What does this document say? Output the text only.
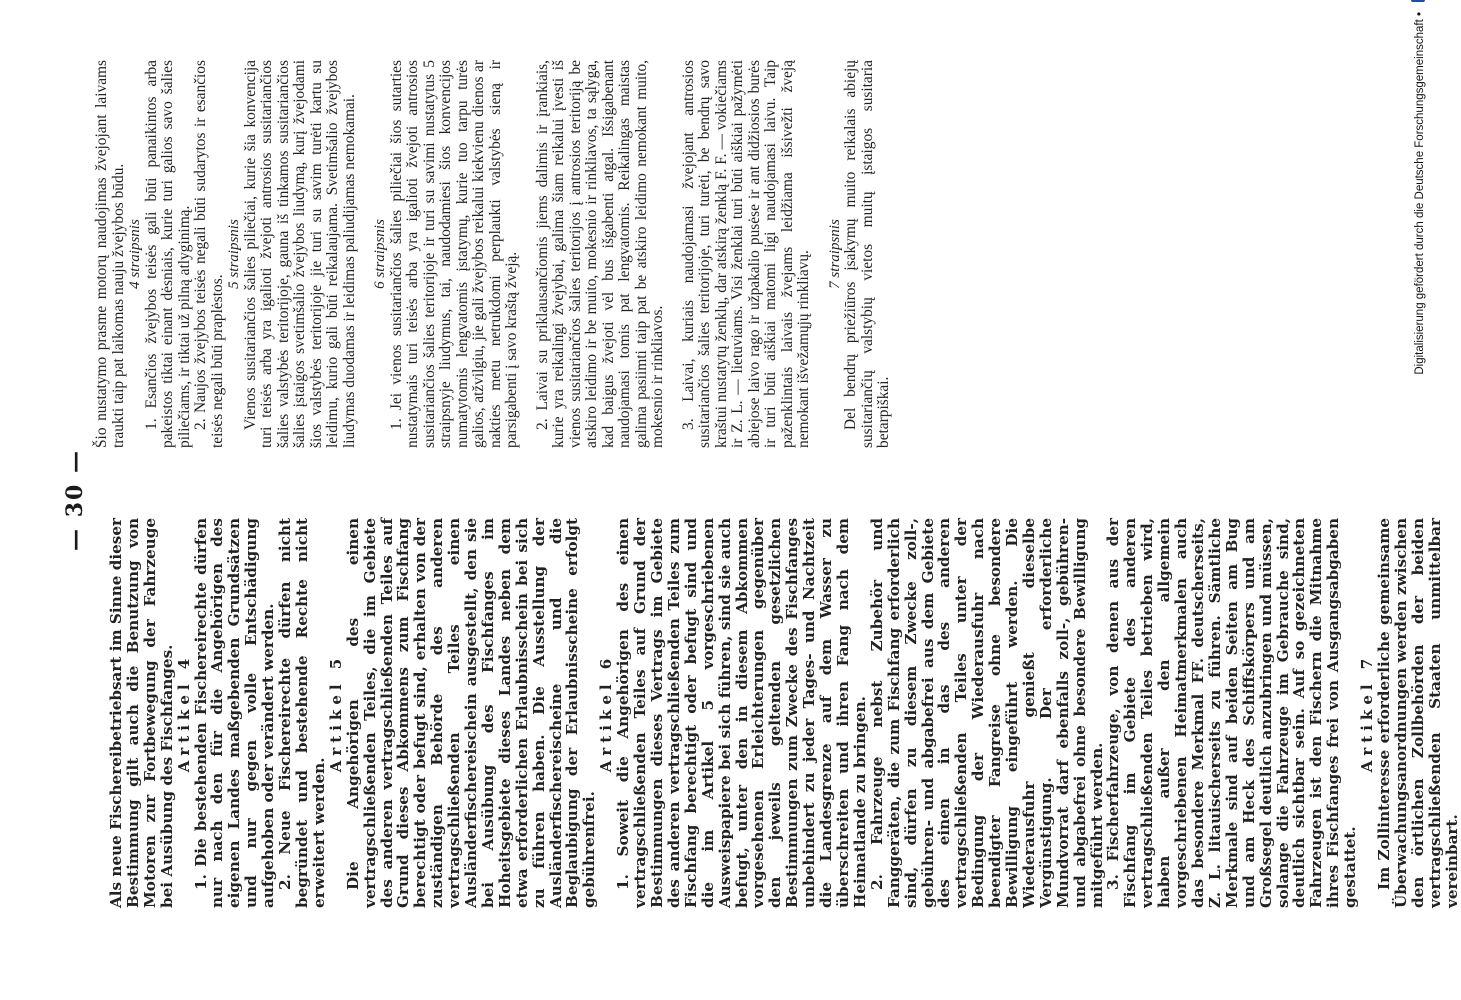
— 30 —

Als neue Fischereibetriebsart im Sinne dieser Bestimmung gilt auch die Benutzung von Motoren zur Fortbewegung der Fahrzeuge bei Ausübung des Fischfanges.

Artikel 4

1. Die bestehenden Fischereirechte dürfen nur nach den für die Angehörigen des eigenen Landes maßgebenden Grundsätzen und nur gegen volle Entschädigung aufgehoben oder verändert werden.

2. Neue Fischereirechte dürfen nicht begründet und bestehende Rechte nicht erweitert werden.

Artikel 5

Die Angehörigen des einen vertragschließenden Teiles, die im Gebiete des anderen vertragschließenden Teiles auf Grund dieses Abkommens zum Fischfang berechtigt oder befugt sind, erhalten von der zuständigen Behörde des anderen vertragschließenden Teiles einen Ausländerfischereischein ausgestellt, den sie bei Ausübung des Fischfanges im Hoheitsgebiete dieses Landes neben dem etwa erforderlichen Erlaubnisschein bei sich zu führen haben. Die Ausstellung der Ausländerfischereischeine und die Beglaubigung der Erlaubnisscheine erfolgt gebührenfrei.

Artikel 6

1. Soweit die Angehörigen des einen vertragschließenden Teiles auf Grund der Bestimmungen dieses Vertrags im Gebiete des anderen vertragschließenden Teiles zum Fischfang berechtigt oder befugt sind und die im Artikel 5 vorgeschriebenen Ausweispapiere bei sich führen, sind sie auch befugt, unter den in diesem Abkommen vorgesehenen Erleichterungen gegenüber den jeweils geltenden gesetzlichen Bestimmungen zum Zwecke des Fischfanges unbehindert zu jeder Tages- und Nachtzeit die Landesgrenze auf dem Wasser zu überschreiten und ihren Fang nach dem Heimatlande zu bringen.

2. Fahrzeuge nebst Zubehör und Fanggeräten, die zum Fischfang erforderlich sind, dürfen zu diesem Zwecke zoll-, gebühren- und abgabefrei aus dem Gebiete des einen in das des anderen vertragschließenden Teiles unter der Bedingung der Wiederausfuhr nach beendigter Fangreise ohne besondere Bewilligung eingeführt werden. Die Wiederausfuhr genießt dieselbe Vergünstigung. Der erforderliche Mundvorrat darf ebenfalls zoll-, gebühren- und abgabefrei ohne besondere Bewilligung mitgeführt werden.

3. Fischerfahrzeuge, von denen aus der Fischfang im Gebiete des anderen vertragschließenden Teiles betrieben wird, haben außer den allgemein vorgeschriebenen Heimatmerkmalen auch das besondere Merkmal FF. deutscherseits, Z. L. litauischerseits zu führen. Sämtliche Merkmale sind auf beiden Seiten am Bug und am Heck des Schiffskörpers und am Großsegel deutlich anzubringen und müssen, solange die Fahrzeuge im Gebrauche sind, deutlich sichtbar sein. Auf so gezeichneten Fahrzeugen ist den Fischern die Mitnahme ihres Fischfanges frei von Ausgangsabgaben gestattet.

Artikel 7

Im Zollinteresse erforderliche gemeinsame Überwachungsanordnungen werden zwischen den örtlichen Zollbehörden der beiden vertragschließenden Staaten unmittelbar vereinbart.

Šio nustatymo prasme motorų naudojimas žvejojant laivams traukti taip pat laikomas nauju žvejybos būdu. 4 straipsnis 1. Esančios žvejybos teisės gali būti panaikintos arba pakeistos tiktai einant dėsniais, kurie turi galios savo šalies piliečiams, ir tiktai už pilną atlyginimą. 2. Naujos žvejybos teisės negali būti sudarytos ir esančios teisės negali būti praplėstos.

5 straipsnis Vienos susitariančios šalies piliečiai, kurie šia konvencija turi teisės arba yra igalioti žvejoti antrosios susitariančios šalies valstybės teritorijoje, gauna iš tinkamos susitariančios šalies įstaigos svetimšalio žvejybos liudymą, kurį žvejodami šios valstybės teritorijoje jie turi su savim turėti kartu su leidimu, kurio gali būti reikalaujama. Svetimšalio žvejybos liudymas duodamas ir leidimas paliudijamas nemokamai. 6 straipsnis 1. Jei vienos susitariančios šalies piliečiai šios sutarties nustatymais turi teisės arba yra igalioti žvejoti antrosios susitariančios šalies teritorijoje ir turi su savimi nustatytus 5 straipsnyje liudymus, tai, naudodamiesi šios konvencijos numatytomis lengvatomis įstatymų, kurie tuo tarpu turės galios, atžvilgiu, jie gali žvejybos reikalui kiekvienu dienos ar nakties metu netrukdomi perplaukti valstybės sieną ir parsigabenti į savo kraštą žveją. 2. Laivai su priklausančiomis jiems dalimis ir įrankiais, kurie yra reikalingi žvejybai, galima šiam reikalui įvesti iš vienos susitariančios šalies teritorijos į antrosios teritoriją be atskiro leidimo ir be muito, mokesnio ir rinkliavos, ta sąlyga, kad baigus žvejoti vėl bus išgabenti atgal. Išsigabenant naudojamasi tomis pat lengvatomis. Reikalingas maistas galima pasiimti taip pat be atskiro leidimo nemokant muito, mokesnio ir rinkliavos. 3. Laivai, kuriais naudojamasi žvejojant antrosios susitariančios šalies teritorijoje, turi turėti, be bendrų savo kraštui nustatytų ženklų, dar atskirą ženklą F. F. — vokiečiams ir Z. L. — lietuviams. Visi ženklai turi būti aiškiai pažymėti abiejose laivo rago ir užpakalio pusėse ir ant didžiosios burės ir turi būti aiškiai matomi ligi naudojamasi laivu. Taip paženklintais laivais žvejams leidžiama išsivežti žveją nemokant išvežamųjų rinkliavų. 7 straipsnis Del bendrų priežiūros įsakymų muito reikalais abiejų susitariančių valstybių vietos muitų įstaigos susitaria betarpiškai.

Digitalisierung gefördert durch die Deutsche Forschungsgemeinschaft •
